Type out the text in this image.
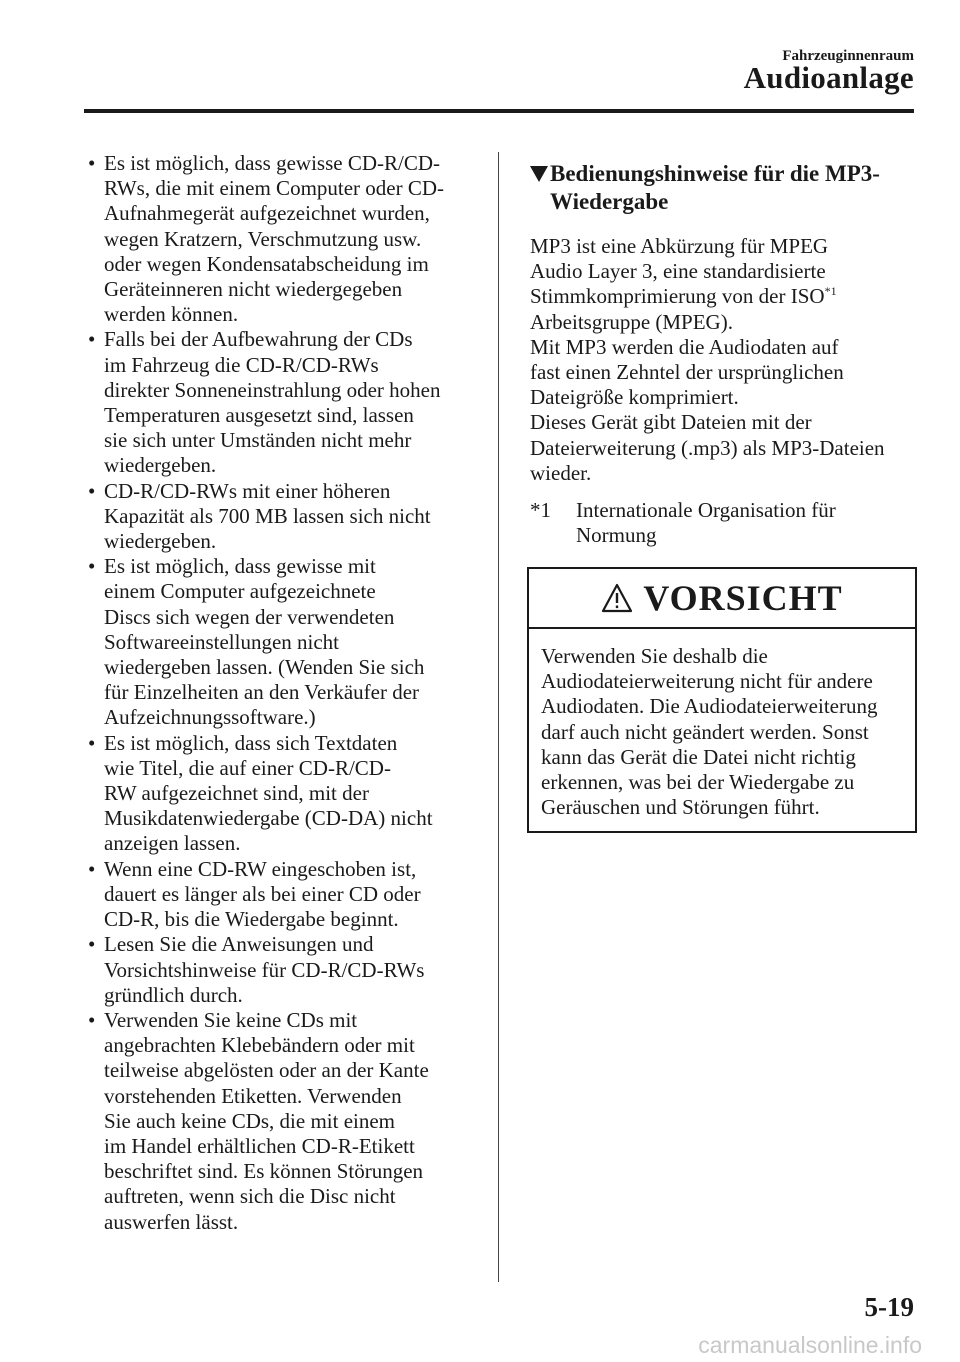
Fahrzeuginnenraum
Audioanlage
• Es ist möglich, dass gewisse CD-R/CD-
RWs, die mit einem Computer oder CD-
Aufnahmegerät aufgezeichnet wurden,
wegen Kratzern, Verschmutzung usw.
oder wegen Kondensatabscheidung im
Geräteinneren nicht wiedergegeben
werden können.
• Falls bei der Aufbewahrung der CDs
im Fahrzeug die CD-R/CD-RWs
direkter Sonneneinstrahlung oder hohen
Temperaturen ausgesetzt sind, lassen
sie sich unter Umständen nicht mehr
wiedergeben.
• CD-R/CD-RWs mit einer höheren
Kapazität als 700 MB lassen sich nicht
wiedergeben.
• Es ist möglich, dass gewisse mit
einem Computer aufgezeichnete
Discs sich wegen der verwendeten
Softwareeinstellungen nicht
wiedergeben lassen. (Wenden Sie sich
für Einzelheiten an den Verkäufer der
Aufzeichnungssoftware.)
• Es ist möglich, dass sich Textdaten
wie Titel, die auf einer CD-R/CD-
RW aufgezeichnet sind, mit der
Musikdatenwiedergabe (CD-DA) nicht
anzeigen lassen.
• Wenn eine CD-RW eingeschoben ist,
dauert es länger als bei einer CD oder
CD-R, bis die Wiedergabe beginnt.
• Lesen Sie die Anweisungen und
Vorsichtshinweise für CD-R/CD-RWs
gründlich durch.
• Verwenden Sie keine CDs mit
angebrachten Klebebändern oder mit
teilweise abgelösten oder an der Kante
vorstehenden Etiketten. Verwenden
Sie auch keine CDs, die mit einem
im Handel erhältlichen CD-R-Etikett
beschriftet sind. Es können Störungen
auftreten, wenn sich die Disc nicht
auswerfen lässt.
Bedienungshinweise für die MP3-
Wiedergabe

MP3 ist eine Abkürzung für MPEG
Audio Layer 3, eine standardisierte
Stimmkomprimierung von der ISO$^{*1}$
Arbeitsgruppe (MPEG).
Mit MP3 werden die Audiodaten auf
fast einen Zehntel der ursprünglichen
Dateigröße komprimiert.
Dieses Gerät gibt Dateien mit der
Dateierweiterung (.mp3) als MP3-Dateien
wieder.

*1 Internationale Organisation für
Normung
VORSICHT
Verwenden Sie deshalb die
Audiodateierweiterung nicht für andere
Audiodaten. Die Audiodateierweiterung
darf auch nicht geändert werden. Sonst
kann das Gerät die Datei nicht richtig
erkennen, was bei der Wiedergabe zu
Geräuschen und Störungen führt.
5-19
carmanualsonline.info
